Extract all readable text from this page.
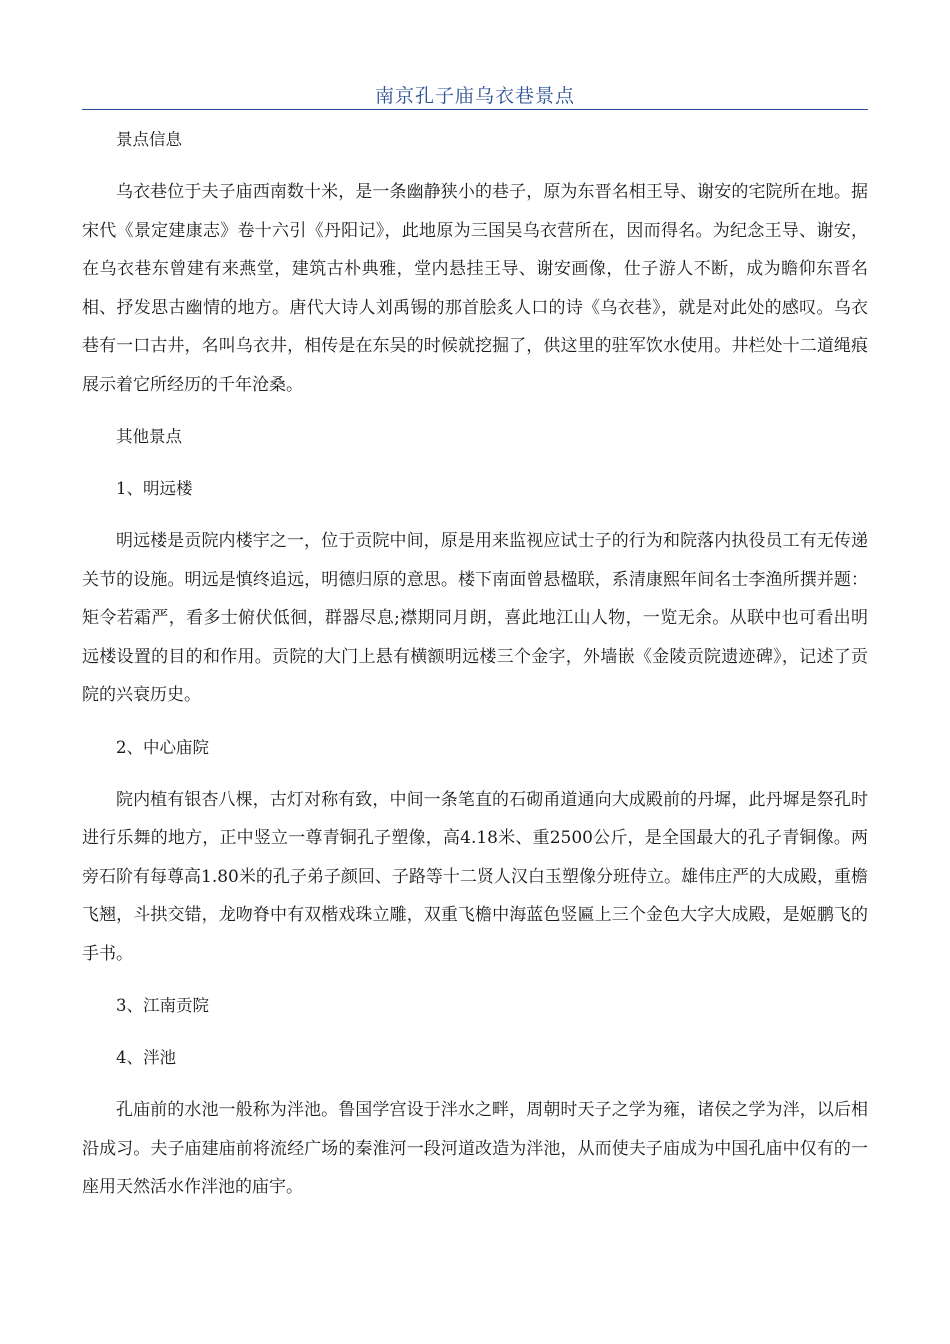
南京孔子庙乌衣巷景点

景点信息

乌衣巷位于夫子庙西南数十米，是一条幽静狭小的巷子，原为东晋名相王导、谢安的宅院所在地。据宋代《景定建康志》卷十六引《丹阳记》，此地原为三国吴乌衣营所在，因而得名。为纪念王导、谢安，在乌衣巷东曾建有来燕堂，建筑古朴典雅，堂内悬挂王导、谢安画像，仕子游人不断，成为瞻仰东晋名相、抒发思古幽情的地方。唐代大诗人刘禹锡的那首脍炙人口的诗《乌衣巷》，就是对此处的感叹。乌衣巷有一口古井，名叫乌衣井，相传是在东吴的时候就挖掘了，供这里的驻军饮水使用。井栏处十二道绳痕展示着它所经历的千年沧桑。

其他景点

1、明远楼

明远楼是贡院内楼宇之一，位于贡院中间，原是用来监视应试士子的行为和院落内执役员工有无传递关节的设施。明远是慎终追远，明德归原的意思。楼下南面曾悬楹联，系清康熙年间名士李渔所撰并题：矩令若霜严，看多士俯伏低徊，群器尽息;襟期同月朗，喜此地江山人物，一览无余。从联中也可看出明远楼设置的目的和作用。贡院的大门上悬有横额明远楼三个金字，外墙嵌《金陵贡院遗迹碑》，记述了贡院的兴衰历史。

2、中心庙院

院内植有银杏八棵，古灯对称有致，中间一条笔直的石砌甬道通向大成殿前的丹墀，此丹墀是祭孔时进行乐舞的地方，正中竖立一尊青铜孔子塑像，高4.18米、重2500公斤，是全国最大的孔子青铜像。两旁石阶有每尊高1.80米的孔子弟子颜回、子路等十二贤人汉白玉塑像分班侍立。雄伟庄严的大成殿，重檐飞翘，斗拱交错，龙吻脊中有双楷戏珠立雕，双重飞檐中海蓝色竖匾上三个金色大字大成殿，是姬鹏飞的手书。

3、江南贡院

4、泮池

孔庙前的水池一般称为泮池。鲁国学宫设于泮水之畔，周朝时天子之学为雍，诸侯之学为泮，以后相沿成习。夫子庙建庙前将流经广场的秦淮河一段河道改造为泮池，从而使夫子庙成为中国孔庙中仅有的一座用天然活水作泮池的庙宇。
